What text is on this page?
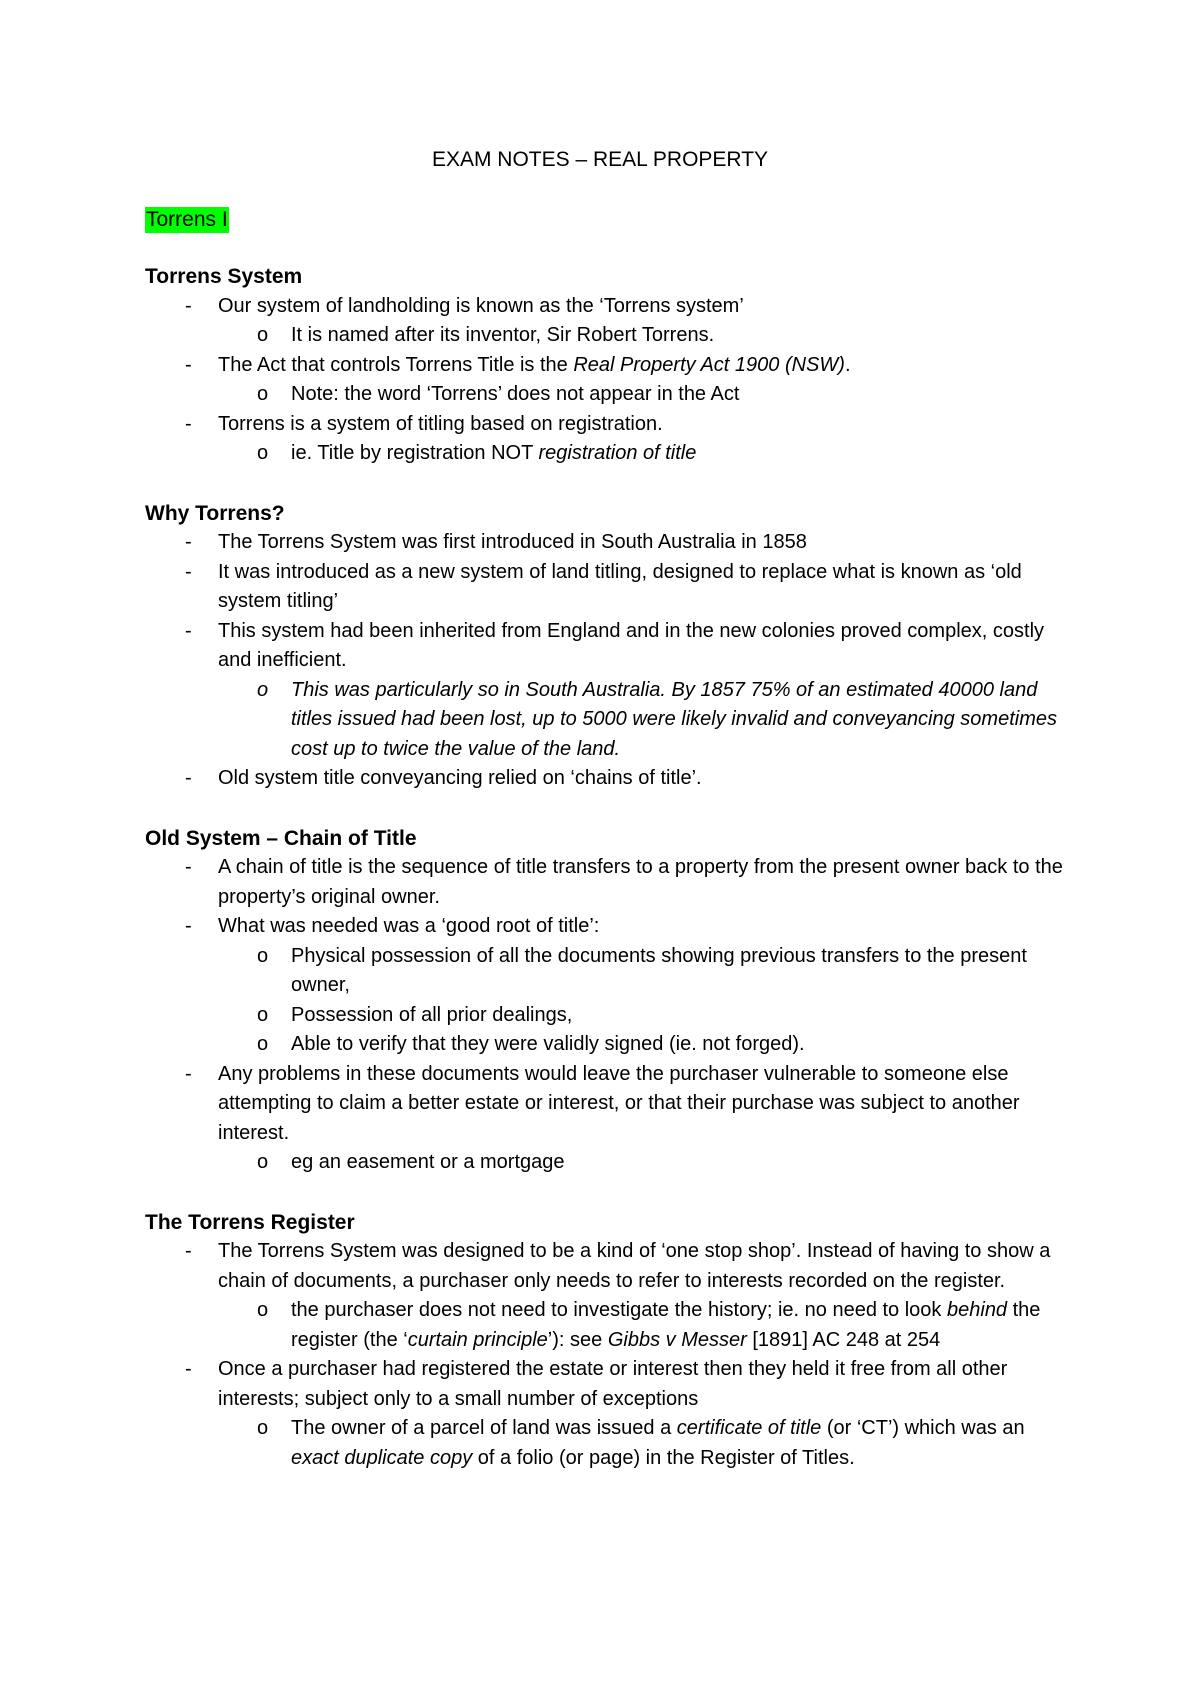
EXAM NOTES – REAL PROPERTY
Torrens I
Torrens System
- Our system of landholding is known as the ‘Torrens system’
o It is named after its inventor, Sir Robert Torrens.
- The Act that controls Torrens Title is the Real Property Act 1900 (NSW).
o Note: the word ‘Torrens’ does not appear in the Act
- Torrens is a system of titling based on registration.
o ie. Title by registration NOT registration of title
Why Torrens?
- The Torrens System was first introduced in South Australia in 1858
- It was introduced as a new system of land titling, designed to replace what is known as ‘old system titling’
- This system had been inherited from England and in the new colonies proved complex, costly and inefficient.
o This was particularly so in South Australia. By 1857 75% of an estimated 40000 land titles issued had been lost, up to 5000 were likely invalid and conveyancing sometimes cost up to twice the value of the land.
- Old system title conveyancing relied on ‘chains of title’.
Old System – Chain of Title
- A chain of title is the sequence of title transfers to a property from the present owner back to the property’s original owner.
- What was needed was a ‘good root of title’:
o Physical possession of all the documents showing previous transfers to the present owner,
o Possession of all prior dealings,
o Able to verify that they were validly signed (ie. not forged).
- Any problems in these documents would leave the purchaser vulnerable to someone else attempting to claim a better estate or interest, or that their purchase was subject to another interest.
o eg an easement or a mortgage
The Torrens Register
- The Torrens System was designed to be a kind of ‘one stop shop’. Instead of having to show a chain of documents, a purchaser only needs to refer to interests recorded on the register.
o the purchaser does not need to investigate the history; ie. no need to look behind the register (the ‘curtain principle’): see Gibbs v Messer [1891] AC 248 at 254
- Once a purchaser had registered the estate or interest then they held it free from all other interests; subject only to a small number of exceptions
o The owner of a parcel of land was issued a certificate of title (or ‘CT’) which was an exact duplicate copy of a folio (or page) in the Register of Titles.
